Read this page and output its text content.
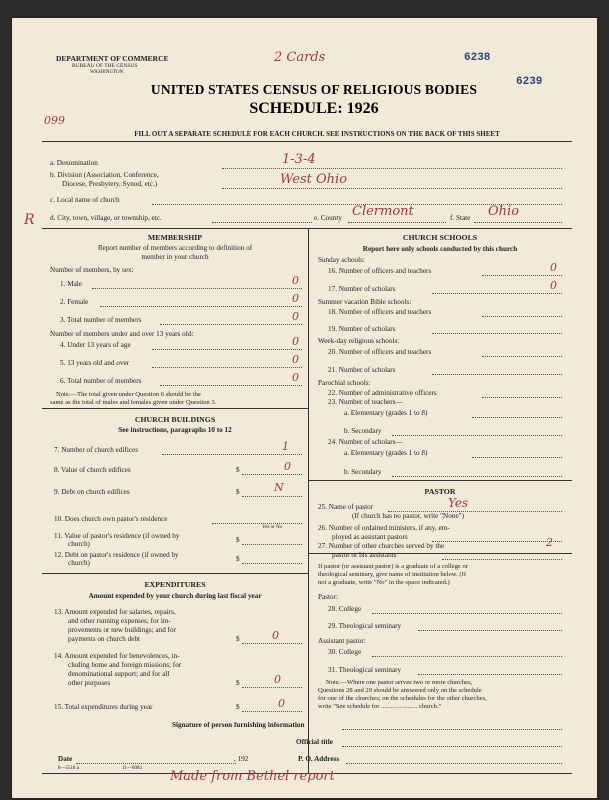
DEPARTMENT OF COMMERCE
BUREAU OF THE CENSUS
WASHINGTON
2 Cards	6238
6239
UNITED STATES CENSUS OF RELIGIOUS BODIES
SCHEDULE: 1926
099
FILL OUT A SEPARATE SCHEDULE FOR EACH CHURCH. SEE INSTRUCTIONS ON THE BACK OF THIS SHEET
a. Denomination	1-3-4
b. Division (Association, Conference,
Diocese, Presbytery, Synod, etc.)	West Ohio
c. Local name of church
R d. City, town, village, or township, etc.	e. County Clermont	f. State Ohio
MEMBERSHIP
Report number of members according to definition of
member in your church
Number of members, by sex:
1. Male	0
2. Female	0
3. Total number of members	0
Number of members under and over 13 years old:
4. Under 13 years of age	0
5. 13 years old and over	0
6. Total number of members	0
Note.—The total given under Question 6 should be the
same as the total of males and females given under Question 3.
CHURCH BUILDINGS
See instructions, paragraphs 10 to 12
7. Number of church edifices	1
8. Value of church edifices	$	0
9. Debt on church edifices	$	N
10. Does church own pastor's residence
Yes or No
11. Value of pastor's residence (if owned by
church)	$
12. Debt on pastor's residence (if owned by
church)	$
EXPENDITURES
Amount expended by your church during last fiscal year
13. Amount expended for salaries, repairs,
and other running expenses; for im-
provements or new buildings; and for
payments on church debt	$	0
14. Amount expended for benevolences, in-
cluding home and foreign missions; for
denominational support; and for all
other purposes	$	0
15. Total expenditures during year	$	0
CHURCH SCHOOLS
Report here only schools conducted by this church
Sunday schools:
16. Number of officers and teachers	0
17. Number of scholars	0
Summer vacation Bible schools:
18. Number of officers and teachers
19. Number of scholars
Week-day religious schools:
20. Number of officers and teachers
21. Number of scholars
Parochial schools:
22. Number of administrative officers
23. Number of teachers—
a. Elementary (grades 1 to 8)
b. Secondary
24. Number of scholars—
a. Elementary (grades 1 to 8)
b. Secondary
PASTOR
25. Name of pastor	Yes
(If church has no pastor, write "None")
26. Number of ordained ministers, if any, em-
ployed as assistant pastors
27. Number of other churches served by the
pastor or his assistants
2
If pastor (or assistant pastor) is a graduate of a college or
theological seminary, give name of institution below. (If
not a graduate, write "No" in the space indicated.)
Pastor:
28. College
29. Theological seminary
Assistant pastor:
30. College
31. Theological seminary
Note.—Where one pastor serves two or more churches,
Questions 28 and 29 should be answered only on the schedule
for one of the churches; on the schedules for the other churches,
write "See schedule for ...................... church."
Signature of person furnishing information
Official title
Date	, 192	P. O. Address
8—5518 a	11—6084
Made from Bethel report
